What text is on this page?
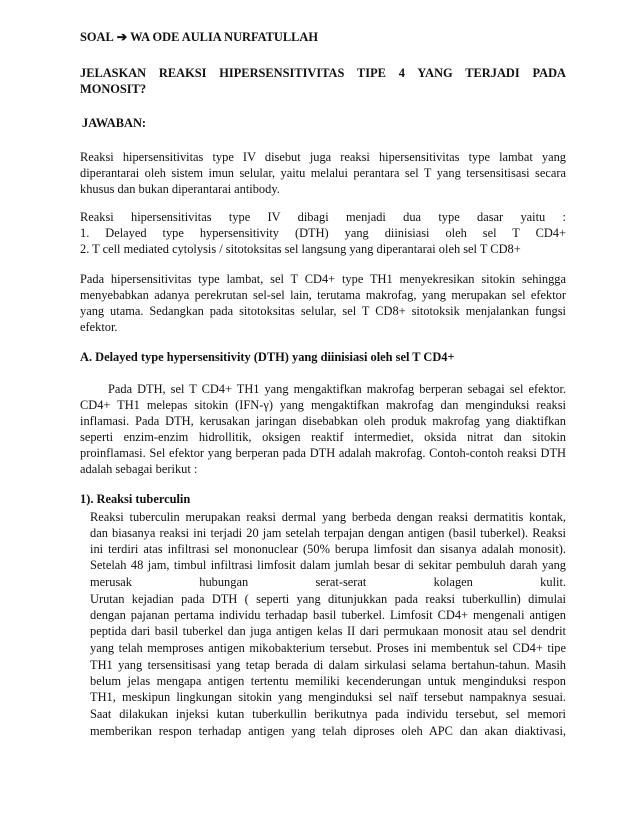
SOAL ➔ WA ODE AULIA NURFATULLAH
JELASKAN REAKSI HIPERSENSITIVITAS TIPE 4 YANG TERJADI PADA
MONOSIT?
JAWABAN:
Reaksi hipersensitivitas type IV disebut juga reaksi hipersensitivitas type lambat yang
diperantarai oleh sistem imun selular, yaitu melalui perantara sel T yang tersensitisasi secara
khusus dan bukan diperantarai antibody.
Reaksi hipersensitivitas type IV dibagi menjadi dua type dasar yaitu :
1. Delayed type hypersensitivity (DTH) yang diinisiasi oleh sel T CD4+
2. T cell mediated cytolysis / sitotoksitas sel langsung yang diperantarai oleh sel T CD8+
Pada hipersensitivitas type lambat, sel T CD4+ type TH1 menyekresikan sitokin sehingga
menyebabkan adanya perekrutan sel-sel lain, terutama makrofag, yang merupakan sel efektor
yang utama. Sedangkan pada sitotoksitas selular, sel T CD8+ sitotoksik menjalankan fungsi
efektor.
A. Delayed type hypersensitivity (DTH) yang diinisiasi oleh sel T CD4+
Pada DTH, sel T CD4+ TH1 yang mengaktifkan makrofag berperan sebagai sel efektor.
CD4+ TH1 melepas sitokin (IFN-γ) yang mengaktifkan makrofag dan menginduksi reaksi
inflamasi. Pada DTH, kerusakan jaringan disebabkan oleh produk makrofag yang diaktifkan
seperti enzim-enzim hidrollitik, oksigen reaktif intermediet, oksida nitrat dan sitokin
proinflamasi. Sel efektor yang berperan pada DTH adalah makrofag. Contoh-contoh reaksi DTH
adalah sebagai berikut :
1). Reaksi tuberculin
Reaksi tuberculin merupakan reaksi dermal yang berbeda dengan reaksi dermatitis kontak,
dan biasanya reaksi ini terjadi 20 jam setelah terpajan dengan antigen (basil tuberkel). Reaksi
ini terdiri atas infiltrasi sel mononuclear (50% berupa limfosit dan sisanya adalah monosit).
Setelah 48 jam, timbul infiltrasi limfosit dalam jumlah besar di sekitar pembuluh darah yang
merusak hubungan serat-serat kolagen kulit.
Urutan kejadian pada DTH ( seperti yang ditunjukkan pada reaksi tuberkullin) dimulai
dengan pajanan pertama individu terhadap basil tuberkel. Limfosit CD4+ mengenali antigen
peptida dari basil tuberkel dan juga antigen kelas II dari permukaan monosit atau sel dendrit
yang telah memproses antigen mikobakterium tersebut. Proses ini membentuk sel CD4+ tipe
TH1 yang tersensitisasi yang tetap berada di dalam sirkulasi selama bertahun-tahun. Masih
belum jelas mengapa antigen tertentu memiliki kecenderungan untuk menginduksi respon
TH1, meskipun lingkungan sitokin yang menginduksi sel naïf tersebut nampaknya sesuai.
Saat dilakukan injeksi kutan tuberkullin berikutnya pada individu tersebut, sel memori
memberikan respon terhadap antigen yang telah diproses oleh APC dan akan diaktivasi,
